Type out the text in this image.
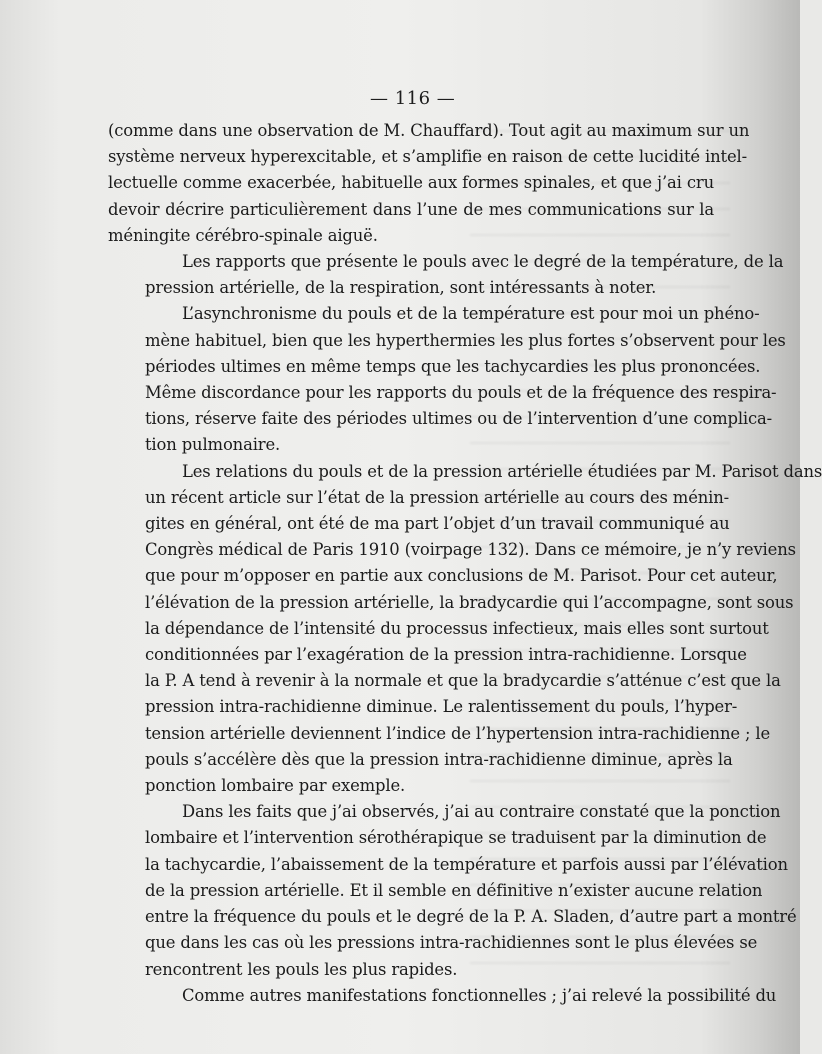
— 116 —
(comme dans une observation de M. Chauffard). Tout agit au maximum sur un
système nerveux hyperexcitable, et s’amplifie en raison de cette lucidité intel-
lectuelle comme exacerbée, habituelle aux formes spinales, et que j’ai cru
devoir décrire particulièrement dans l’une de mes communications sur la
méningite cérébro-spinale aiguë.
Les rapports que présente le pouls avec le degré de la température, de la
pression artérielle, de la respiration, sont intéressants à noter.
L’asynchronisme du pouls et de la température est pour moi un phéno-
mène habituel, bien que les hyperthermies les plus fortes s’observent pour les
périodes ultimes en même temps que les tachycardies les plus prononcées.
Même discordance pour les rapports du pouls et de la fréquence des respira-
tions, réserve faite des périodes ultimes ou de l’intervention d’une complica-
tion pulmonaire.
Les relations du pouls et de la pression artérielle étudiées par M. Parisot dans
un récent article sur l’état de la pression artérielle au cours des ménin-
gites en général, ont été de ma part l’objet d’un travail communiqué au
Congrès médical de Paris 1910 (voirpage 132). Dans ce mémoire, je n’y reviens
que pour m’opposer en partie aux conclusions de M. Parisot. Pour cet auteur,
l’élévation de la pression artérielle, la bradycardie qui l’accompagne, sont sous
la dépendance de l’intensité du processus infectieux, mais elles sont surtout
conditionnées par l’exagération de la pression intra-rachidienne. Lorsque
la P. A tend à revenir à la normale et que la bradycardie s’atténue c’est que la
pression intra-rachidienne diminue. Le ralentissement du pouls, l’hyper-
tension artérielle deviennent l’indice de l’hypertension intra-rachidienne ; le
pouls s’accélère dès que la pression intra-rachidienne diminue, après la
ponction lombaire par exemple.
Dans les faits que j’ai observés, j’ai au contraire constaté que la ponction
lombaire et l’intervention sérothérapique se traduisent par la diminution de
la tachycardie, l’abaissement de la température et parfois aussi par l’élévation
de la pression artérielle. Et il semble en définitive n’exister aucune relation
entre la fréquence du pouls et le degré de la P. A. Sladen, d’autre part a montré
que dans les cas où les pressions intra-rachidiennes sont le plus élevées se
rencontrent les pouls les plus rapides.
Comme autres manifestations fonctionnelles ; j’ai relevé la possibilité du
